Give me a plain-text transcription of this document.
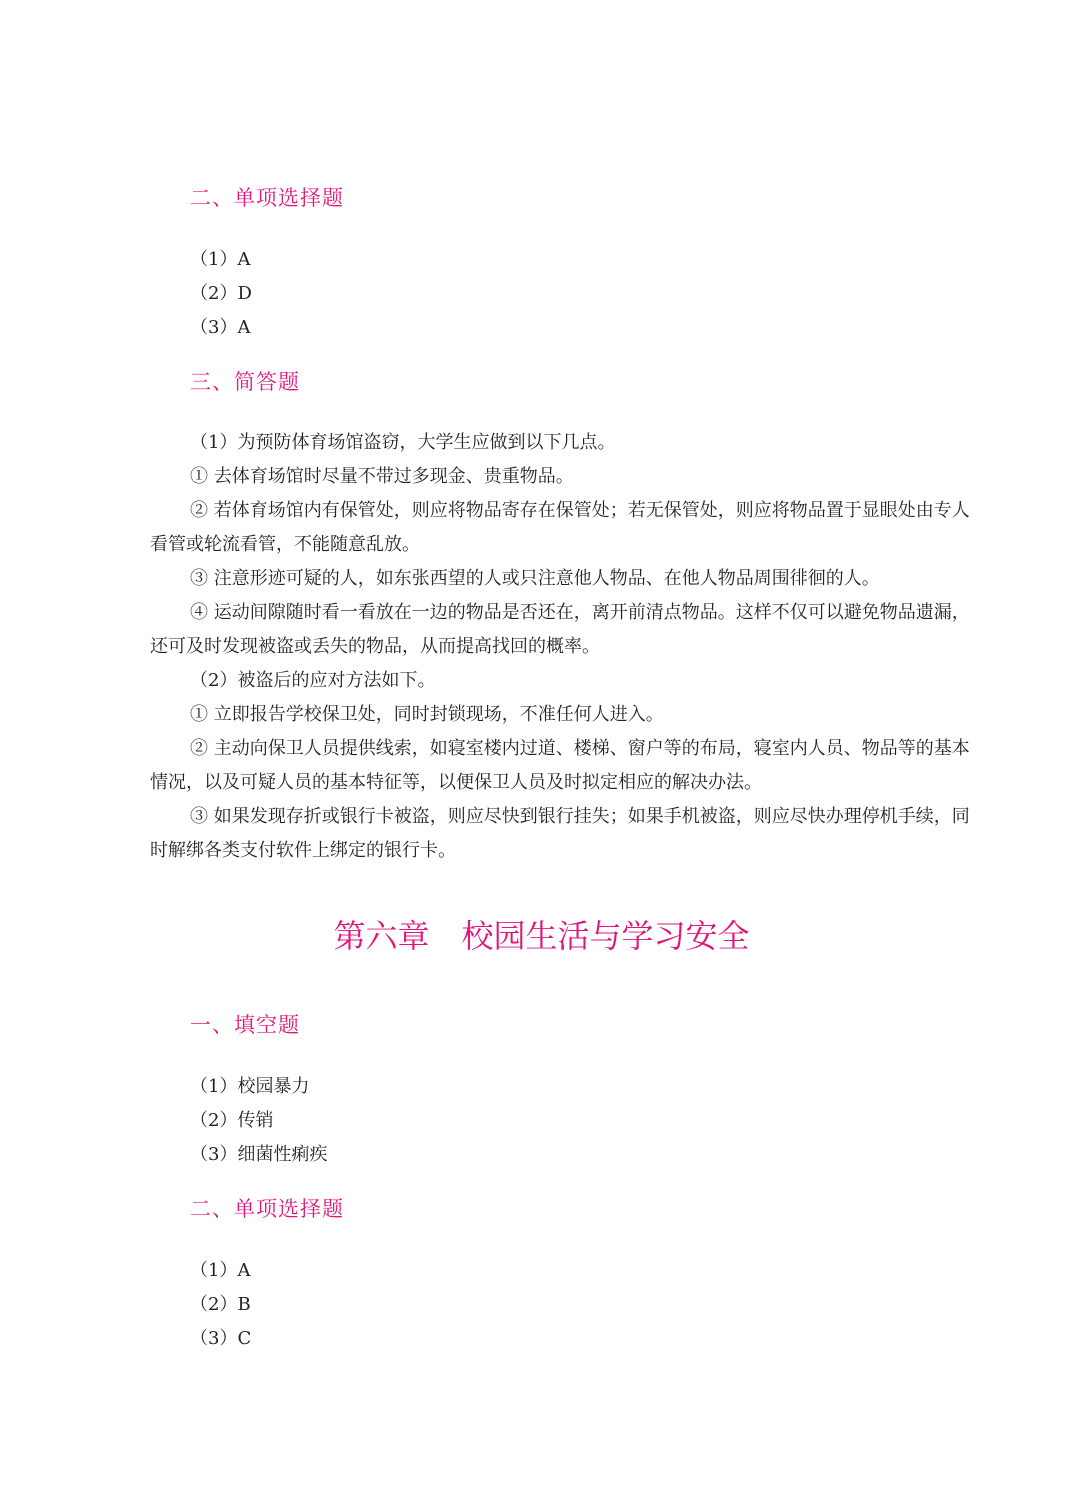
二、单项选择题
（1）A
（2）D
（3）A
三、简答题
（1）为预防体育场馆盗窃，大学生应做到以下几点。
① 去体育场馆时尽量不带过多现金、贵重物品。
② 若体育场馆内有保管处，则应将物品寄存在保管处；若无保管处，则应将物品置于显眼处由专人看管或轮流看管，不能随意乱放。
③ 注意形迹可疑的人，如东张西望的人或只注意他人物品、在他人物品周围徘徊的人。
④ 运动间隙随时看一看放在一边的物品是否还在，离开前清点物品。这样不仅可以避免物品遗漏，还可及时发现被盗或丢失的物品，从而提高找回的概率。
（2）被盗后的应对方法如下。
① 立即报告学校保卫处，同时封锁现场，不准任何人进入。
② 主动向保卫人员提供线索，如寝室楼内过道、楼梯、窗户等的布局，寝室内人员、物品等的基本情况，以及可疑人员的基本特征等，以便保卫人员及时拟定相应的解决办法。
③ 如果发现存折或银行卡被盗，则应尽快到银行挂失；如果手机被盗，则应尽快办理停机手续，同时解绑各类支付软件上绑定的银行卡。
第六章　校园生活与学习安全
一、填空题
（1）校园暴力
（2）传销
（3）细菌性痢疾
二、单项选择题
（1）A
（2）B
（3）C
